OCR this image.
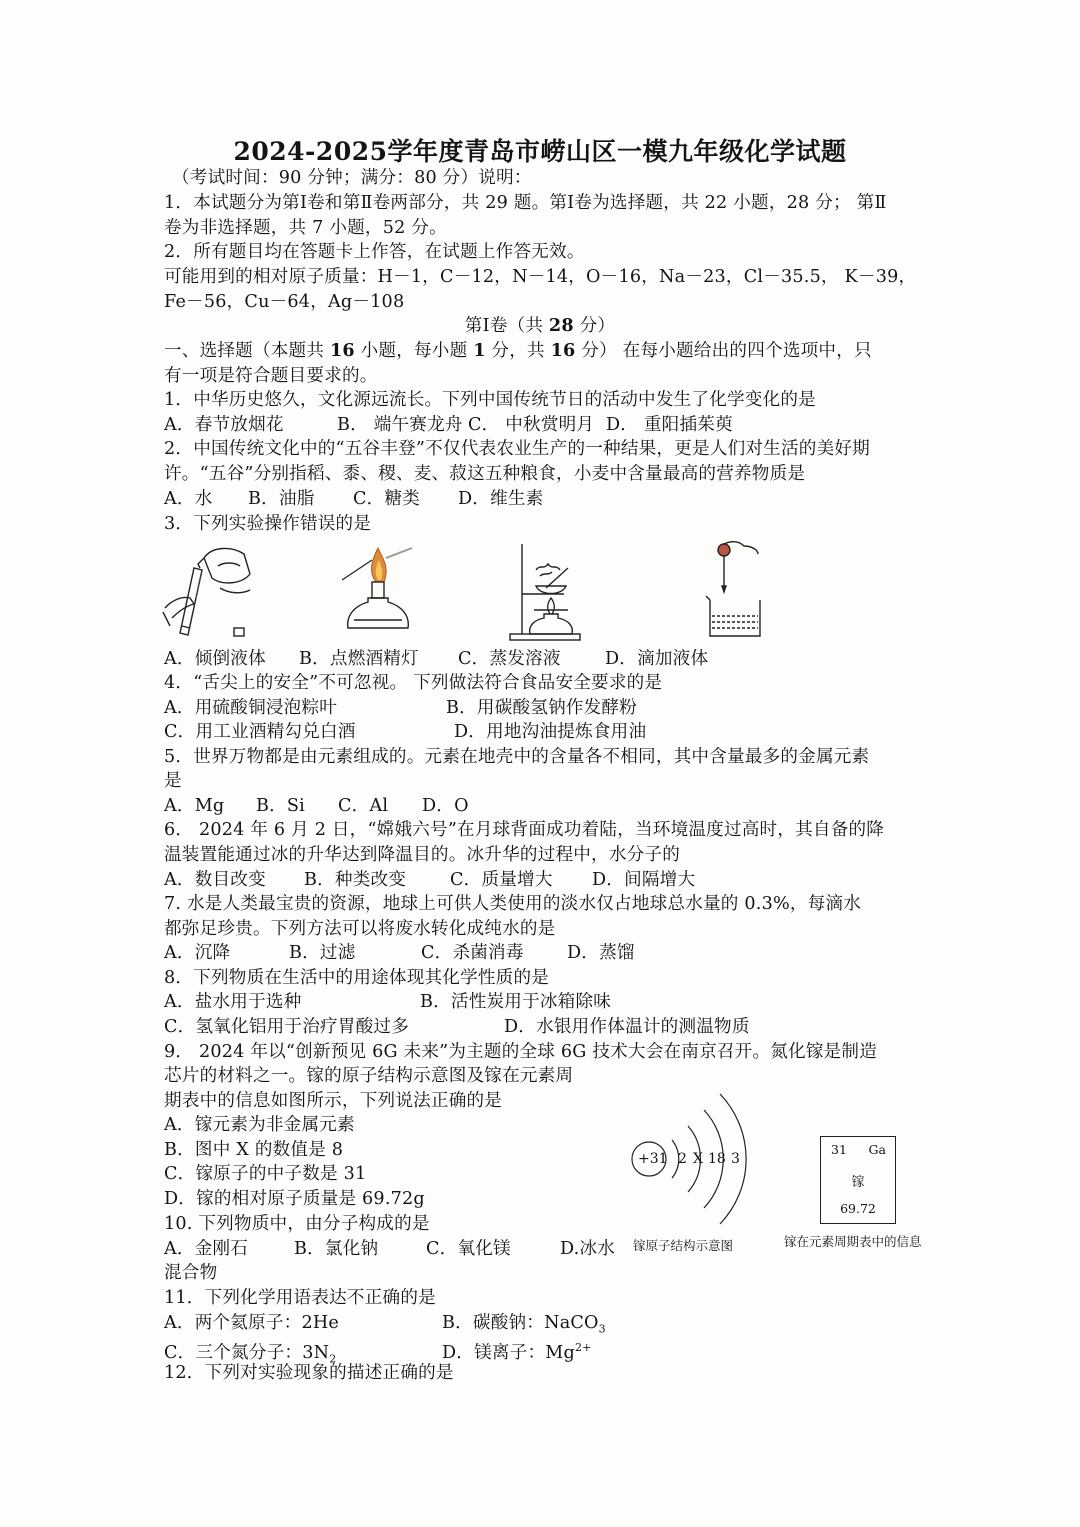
2024-2025学年度青岛市崂山区一模九年级化学试题
（考试时间：90 分钟；满分：80 分）说明：
1．本试题分为第Ⅰ卷和第Ⅱ卷两部分，共 29 题。第Ⅰ卷为选择题，共 22 小题，28 分； 第Ⅱ
卷为非选择题，共 7 小题，52 分。
2．所有题目均在答题卡上作答，在试题上作答无效。
可能用到的相对原子质量：H－1，C－12，N－14，O－16，Na－23，Cl－35.5， K－39，
Fe－56，Cu－64，Ag－108
第Ⅰ卷（共 28 分）
一、选择题（本题共 16 小题，每小题 1 分，共 16 分） 在每小题给出的四个选项中，只
有一项是符合题目要求的。
1．中华历史悠久，文化源远流长。下列中国传统节日的活动中发生了化学变化的是
A．春节放烟花	B． 端午赛龙舟 C． 中秋赏明月 D． 重阳插茱萸
2．中国传统文化中的“五谷丰登”不仅代表农业生产的一种结果，更是人们对生活的美好期
许。“五谷”分别指稻、黍、稷、麦、菽这五种粮食，小麦中含量最高的营养物质是
A．水 B．油脂 C．糖类 D．维生素
3．下列实验操作错误的是
A．倾倒液体 B．点燃酒精灯 C．蒸发溶液	D．滴加液体
4．“舌尖上的安全”不可忽视。 下列做法符合食品安全要求的是
A．用硫酸铜浸泡粽叶	B．用碳酸氢钠作发酵粉
C．用工业酒精勾兑白酒	D．用地沟油提炼食用油
5．世界万物都是由元素组成的。元素在地壳中的含量各不相同，其中含量最多的金属元素
是
A．Mg B．Si C．Al D．O
6． 2024 年 6 月 2 日，“嫦娥六号”在月球背面成功着陆，当环境温度过高时，其自备的降
温装置能通过冰的升华达到降温目的。冰升华的过程中，水分子的
A．数目改变 B．种类改变 C．质量增大 D．间隔增大
7. 水是人类最宝贵的资源，地球上可供人类使用的淡水仅占地球总水量的 0.3%，每滴水
都弥足珍贵。下列方法可以将废水转化成纯水的是
A．沉降	B．过滤	C．杀菌消毒 D．蒸馏
8．下列物质在生活中的用途体现其化学性质的是
A．盐水用于选种	B．活性炭用于冰箱除味
C．氢氧化铝用于治疗胃酸过多	D．水银用作体温计的测温物质
9． 2024 年以“创新预见 6G 未来”为主题的全球 6G 技术大会在南京召开。氮化镓是制造
芯片的材料之一。镓的原子结构示意图及镓在元素周
期表中的信息如图所示，下列说法正确的是
A．镓元素为非金属元素
B．图中 X 的数值是 8
C．镓原子的中子数是 31
D．镓的相对原子质量是 69.72g
+31 2 X 18 3
镓原子结构示意图
31 Ga
镓
69.72
镓在元素周期表中的信息
10. 下列物质中，由分子构成的是
A．金刚石	B．氯化钠	C．氧化镁	D.冰水
混合物
11．下列化学用语表达不正确的是
A．两个氦原子：2He	B．碳酸钠：NaCO$_3$
C．三个氮分子：$3N_2$	D．镁离子：$Mg^{2+}$
12．下列对实验现象的描述正确的是
